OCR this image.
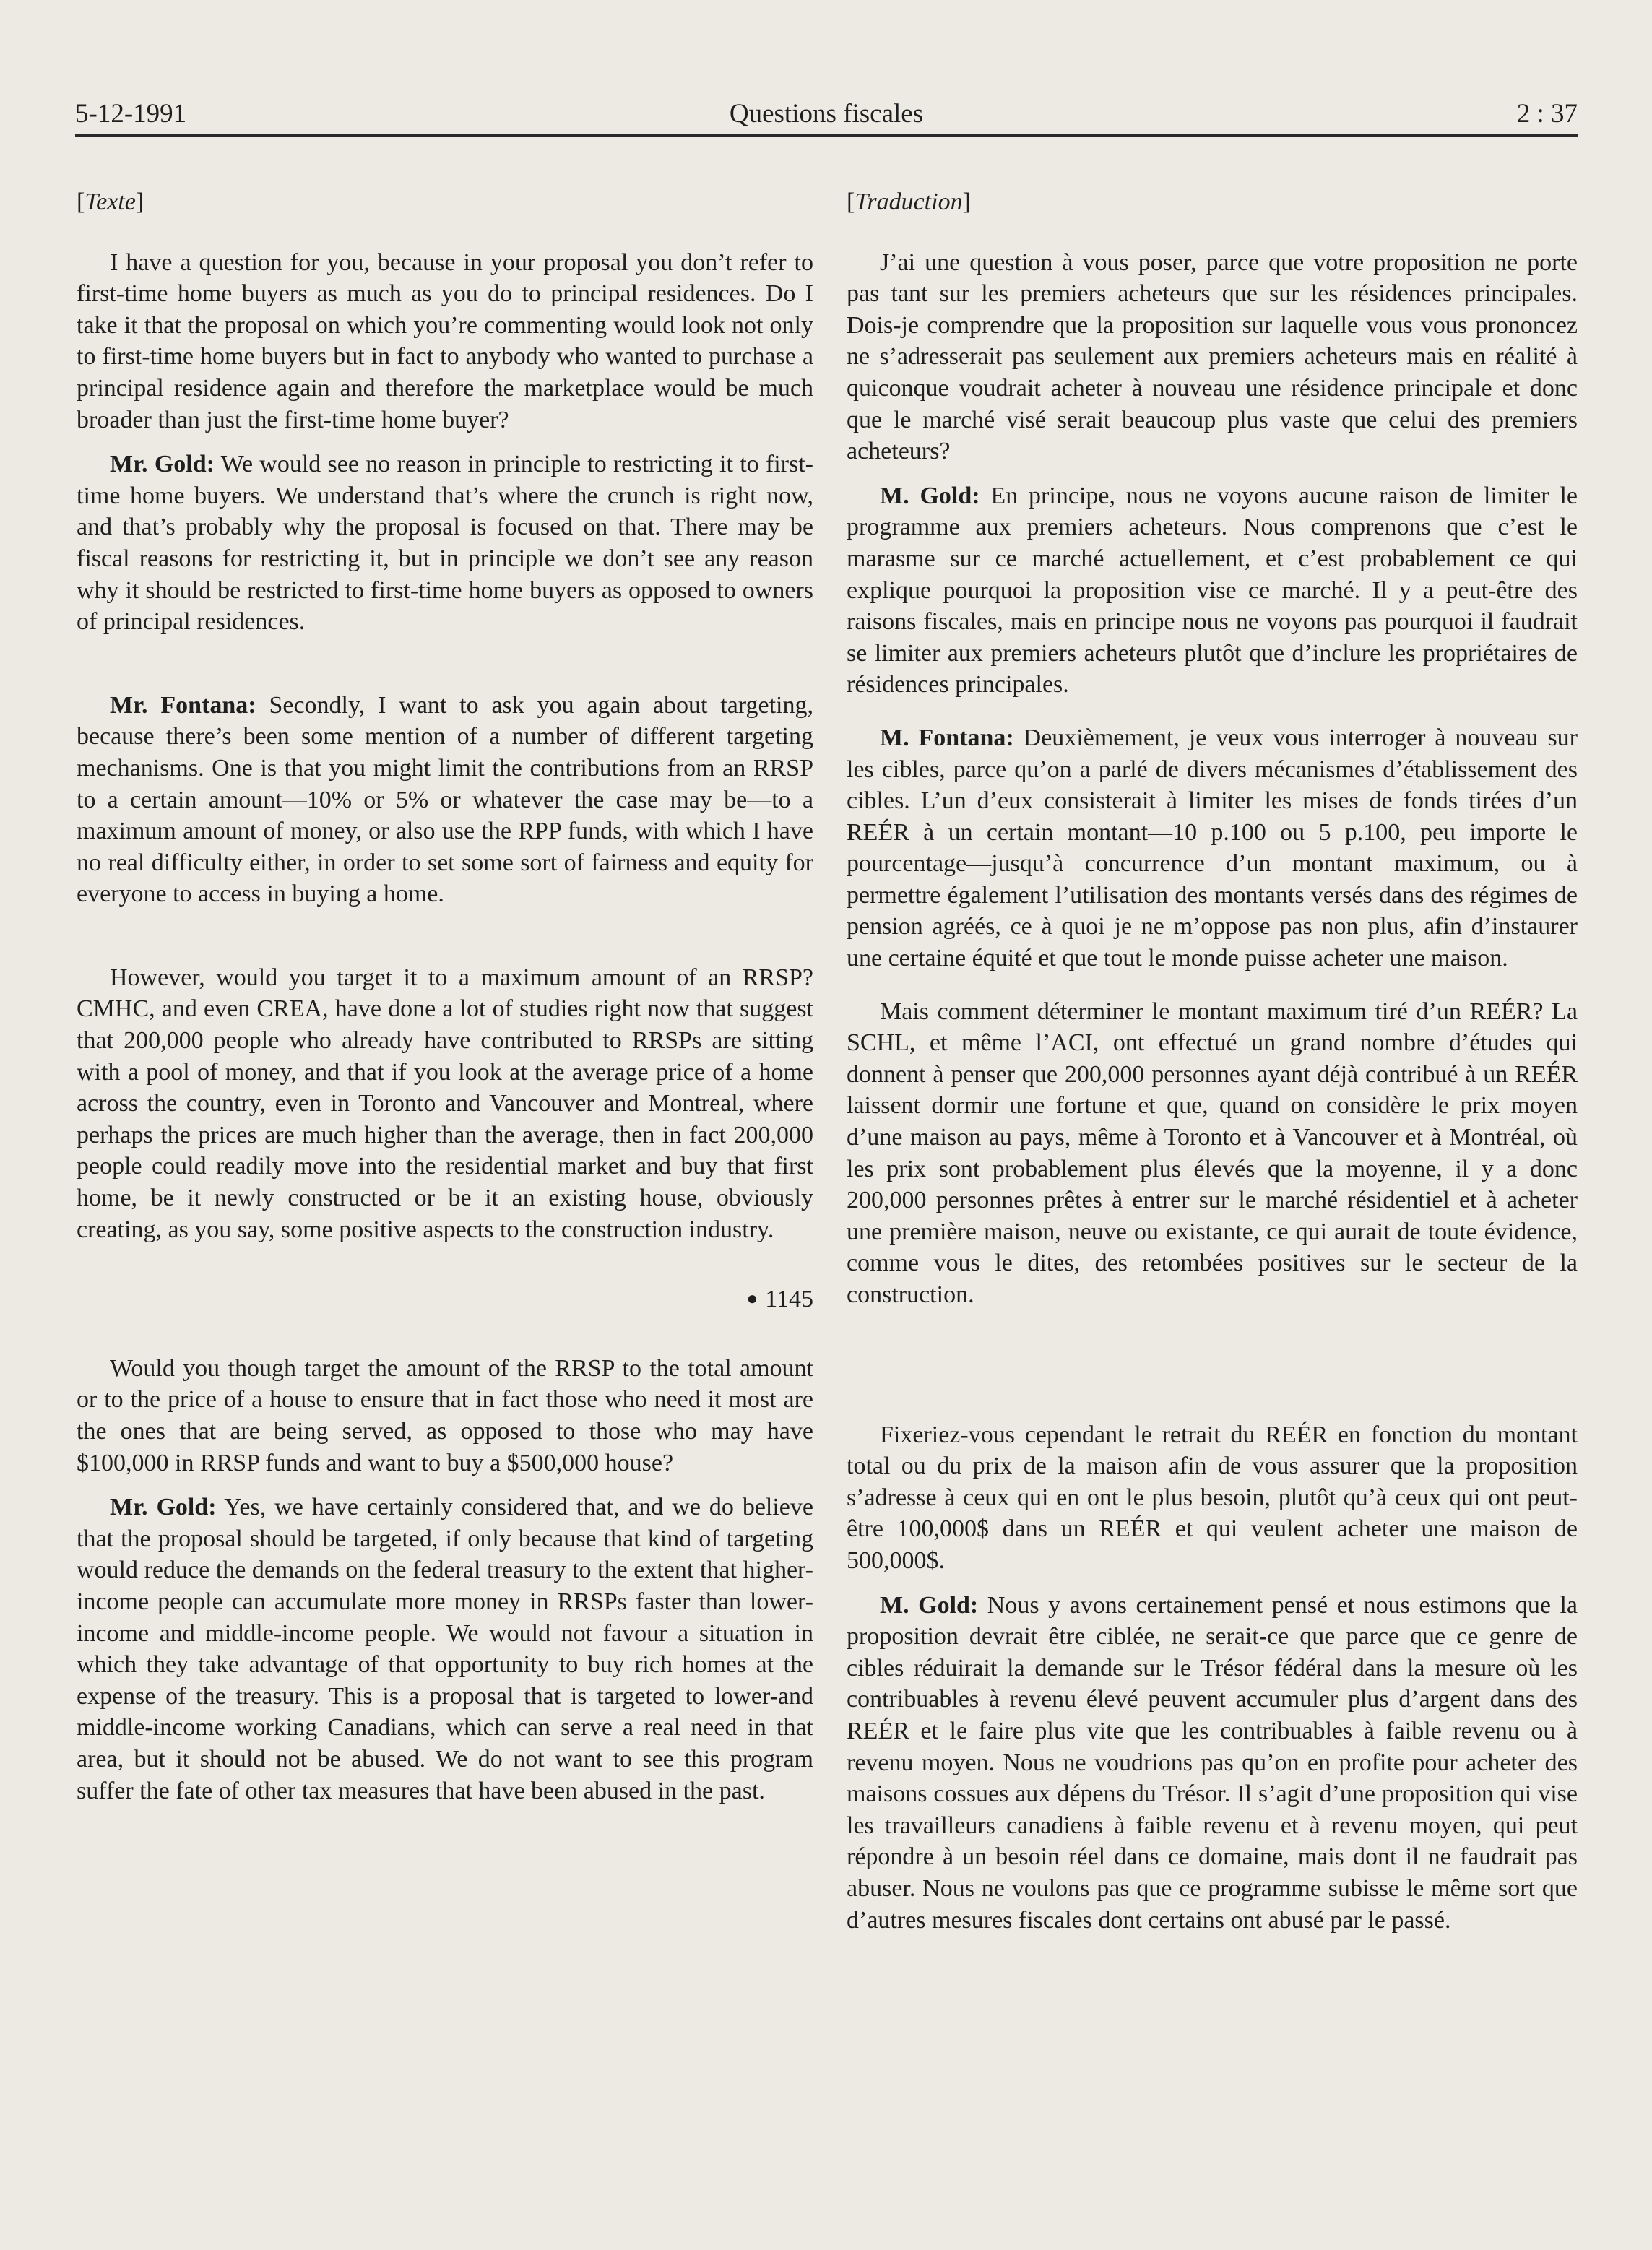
5-12-1991	Questions fiscales	2 : 37

[Texte]

I have a question for you, because in your proposal you don’t refer to first-time home buyers as much as you do to principal residences. Do I take it that the proposal on which you’re commenting would look not only to first-time home buyers but in fact to anybody who wanted to purchase a principal residence again and therefore the marketplace would be much broader than just the first-time home buyer?

Mr. Gold: We would see no reason in principle to restricting it to first-time home buyers. We understand that’s where the crunch is right now, and that’s probably why the proposal is focused on that. There may be fiscal reasons for restricting it, but in principle we don’t see any reason why it should be restricted to first-time home buyers as opposed to owners of principal residences.

Mr. Fontana: Secondly, I want to ask you again about targeting, because there’s been some mention of a number of different targeting mechanisms. One is that you might limit the contributions from an RRSP to a certain amount—10% or 5% or whatever the case may be—to a maximum amount of money, or also use the RPP funds, with which I have no real difficulty either, in order to set some sort of fairness and equity for everyone to access in buying a home.

However, would you target it to a maximum amount of an RRSP? CMHC, and even CREA, have done a lot of studies right now that suggest that 200,000 people who already have contributed to RRSPs are sitting with a pool of money, and that if you look at the average price of a home across the country, even in Toronto and Vancouver and Montreal, where perhaps the prices are much higher than the average, then in fact 200,000 people could readily move into the residential market and buy that first home, be it newly constructed or be it an existing house, obviously creating, as you say, some positive aspects to the construction industry.

● 1145

Would you though target the amount of the RRSP to the total amount or to the price of a house to ensure that in fact those who need it most are the ones that are being served, as opposed to those who may have $100,000 in RRSP funds and want to buy a $500,000 house?

Mr. Gold: Yes, we have certainly considered that, and we do believe that the proposal should be targeted, if only because that kind of targeting would reduce the demands on the federal treasury to the extent that higher-income people can accumulate more money in RRSPs faster than lower-income and middle-income people. We would not favour a situation in which they take advantage of that opportunity to buy rich homes at the expense of the treasury. This is a proposal that is targeted to lower-and middle-income working Canadians, which can serve a real need in that area, but it should not be abused. We do not want to see this program suffer the fate of other tax measures that have been abused in the past.

[Traduction]

J’ai une question à vous poser, parce que votre proposition ne porte pas tant sur les premiers acheteurs que sur les résidences principales. Dois-je comprendre que la proposition sur laquelle vous vous prononcez ne s’adresserait pas seulement aux premiers acheteurs mais en réalité à quiconque voudrait acheter à nouveau une résidence principale et donc que le marché visé serait beaucoup plus vaste que celui des premiers acheteurs?

M. Gold: En principe, nous ne voyons aucune raison de limiter le programme aux premiers acheteurs. Nous comprenons que c’est le marasme sur ce marché actuellement, et c’est probablement ce qui explique pourquoi la proposition vise ce marché. Il y a peut-être des raisons fiscales, mais en principe nous ne voyons pas pourquoi il faudrait se limiter aux premiers acheteurs plutôt que d’inclure les propriétaires de résidences principales.

M. Fontana: Deuxièmement, je veux vous interroger à nouveau sur les cibles, parce qu’on a parlé de divers mécanismes d’établissement des cibles. L’un d’eux consisterait à limiter les mises de fonds tirées d’un REÉR à un certain montant—10 p.100 ou 5 p.100, peu importe le pourcentage—jusqu’à concurrence d’un montant maximum, ou à permettre également l’utilisation des montants versés dans des régimes de pension agréés, ce à quoi je ne m’oppose pas non plus, afin d’instaurer une certaine équité et que tout le monde puisse acheter une maison.

Mais comment déterminer le montant maximum tiré d’un REÉR? La SCHL, et même l’ACI, ont effectué un grand nombre d’études qui donnent à penser que 200,000 personnes ayant déjà contribué à un REÉR laissent dormir une fortune et que, quand on considère le prix moyen d’une maison au pays, même à Toronto et à Vancouver et à Montréal, où les prix sont probablement plus élevés que la moyenne, il y a donc 200,000 personnes prêtes à entrer sur le marché résidentiel et à acheter une première maison, neuve ou existante, ce qui aurait de toute évidence, comme vous le dites, des retombées positives sur le secteur de la construction.

Fixeriez-vous cependant le retrait du REÉR en fonction du montant total ou du prix de la maison afin de vous assurer que la proposition s’adresse à ceux qui en ont le plus besoin, plutôt qu’à ceux qui ont peut-être 100,000$ dans un REÉR et qui veulent acheter une maison de 500,000$.

M. Gold: Nous y avons certainement pensé et nous estimons que la proposition devrait être ciblée, ne serait-ce que parce que ce genre de cibles réduirait la demande sur le Trésor fédéral dans la mesure où les contribuables à revenu élevé peuvent accumuler plus d’argent dans des REÉR et le faire plus vite que les contribuables à faible revenu ou à revenu moyen. Nous ne voudrions pas qu’on en profite pour acheter des maisons cossues aux dépens du Trésor. Il s’agit d’une proposition qui vise les travailleurs canadiens à faible revenu et à revenu moyen, qui peut répondre à un besoin réel dans ce domaine, mais dont il ne faudrait pas abuser. Nous ne voulons pas que ce programme subisse le même sort que d’autres mesures fiscales dont certains ont abusé par le passé.
